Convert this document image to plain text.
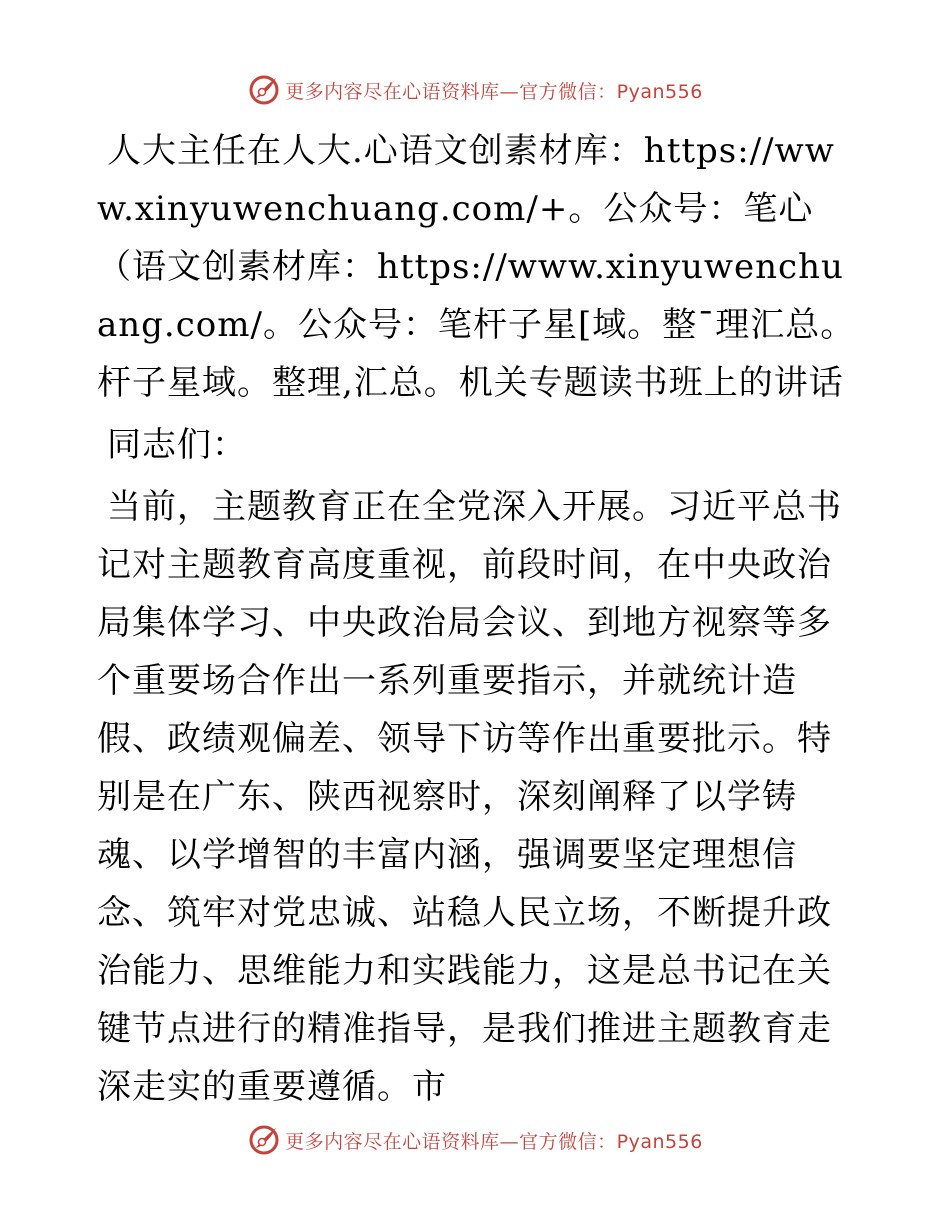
更多内容尽在心语资料库—官方微信：Pyan556

人大主任在人大.心语文创素材库：https://www.xinyuwenchuang.com/+。公众号：笔心（语文创素材库：https://www.xinyuwenchuang.com/。公众号：笔杆子星[域。整¯理汇总。杆子星域。整理,汇总。机关专题读书班上的讲话

同志们：

当前，主题教育正在全党深入开展。习近平总书记对主题教育高度重视，前段时间，在中央政治局集体学习、中央政治局会议、到地方视察等多个重要场合作出一系列重要指示，并就统计造假、政绩观偏差、领导下访等作出重要批示。特别是在广东、陕西视察时，深刻阐释了以学铸魂、以学增智的丰富内涵，强调要坚定理想信念、筑牢对党忠诚、站稳人民立场，不断提升政治能力、思维能力和实践能力，这是总书记在关键节点进行的精准指导，是我们推进主题教育走深走实的重要遵循。市

更多内容尽在心语资料库—官方微信：Pyan556
